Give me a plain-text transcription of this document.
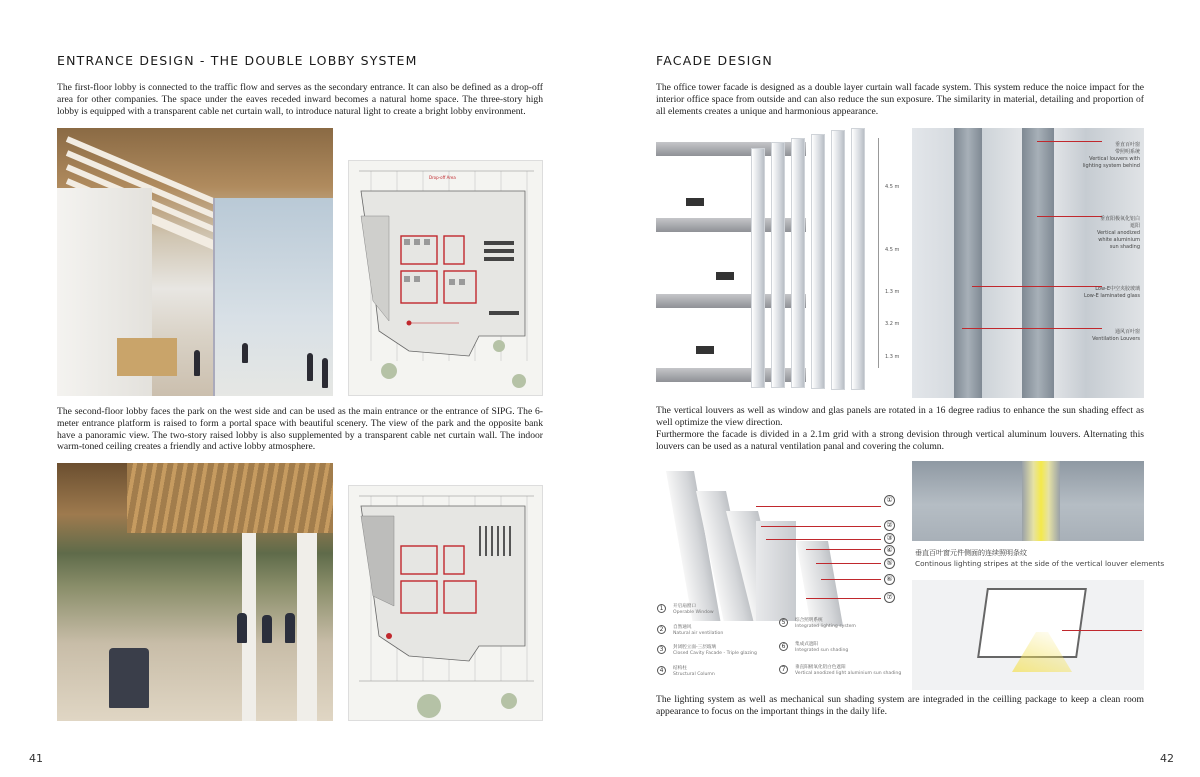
ENTRANCE DESIGN - THE DOUBLE LOBBY SYSTEM

The first-floor lobby is connected to the traffic flow and serves as the secondary entrance. It can also be defined as a drop-off area for other companies. The space under the eaves receded inward becomes a natural home space. The three-story high lobby is equipped with a transparent cable net curtain wall, to introduce natural light to create a bright lobby environment.

Drop-off Area

The second-floor lobby faces the park on the west side and can be used as the main entrance or the entrance of SIPG. The 6-meter entrance platform is raised to form a portal space with beautiful scenery. The view of the park and the opposite bank have a panoramic view. The two-story raised lobby is also supplemented by a transparent cable net curtain wall. The indoor warm-toned ceiling creates a friendly and active lobby atmosphere.

41
FACADE DESIGN

The office tower facade is designed as a double layer curtain wall facade system. This system reduce the noice impact for the interior office space from outside and can also reduce the sun exposure. The similarity in material, detailing and proportion of all elements creates a unique and harmonious appearance.

4.5 m
4.5 m
1.3 m
3.2 m
1.3 m
垂直百叶窗
带照明系统
Vertical louvers with
lighting system behind
垂直阳极氧化铝白
遮阳
Vertical anodized
white aluminium
sun shading
Low-E中空夹胶玻璃
Low-E laminated glass
通风百叶窗
Ventilation Louvers

The vertical louvers as well as window and glas panels are rotated in a 16 degree radius to enhance the sun shading effect as well optimize the view direction.

Furthermore the facade is divided in a 2.1m grid with a strong devision through vertical aluminum louvers. Alternating this louvers can be used as a natural ventilation panal and covering the column.

①
②
③
④
⑤
⑥
⑦
1	开启扇窗口
Operable Window
2	自然通风
Natural air ventilation
3	封闭腔立面-三层玻璃
Closed Cavity Facade - Triple glazing
4	结构柱
Structural Column
5	综合照明系统
Integrated lighting system
6	集成式遮阳
Integrated sun shading
7	垂直阳极氧化铝白色遮阳
Vertical anodized light aluminium sun shading
垂直百叶窗元件侧面的连续照明条纹
Continous lighting stripes at the side of the vertical louver elements

The lighting system as well as mechanical sun shading system are integraded in the ceilling package to keep a clean room appearance to focus on the important things in the daily life.

42
